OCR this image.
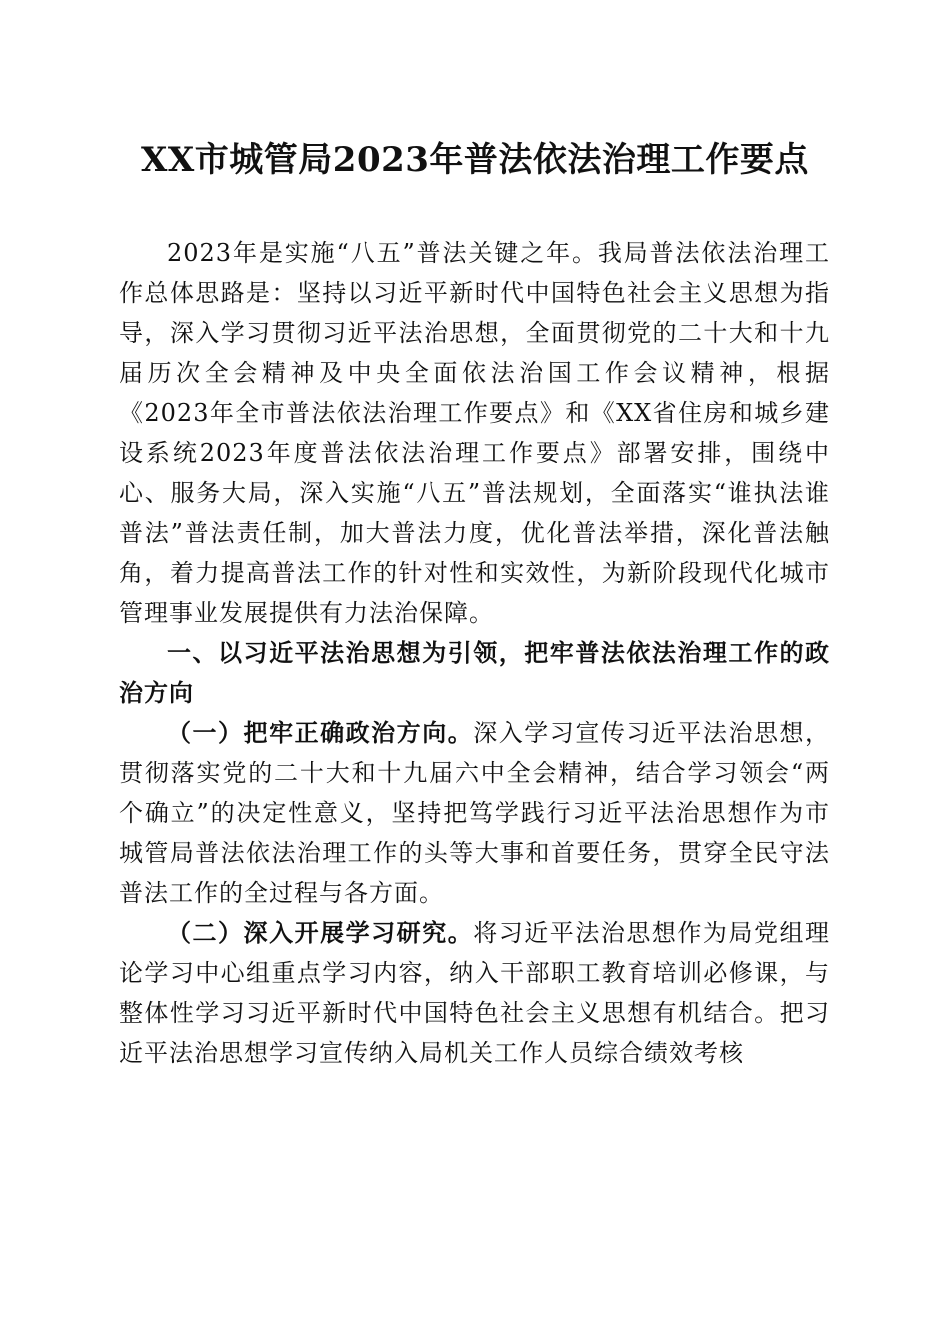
XX市城管局2023年普法依法治理工作要点

2023年是实施“八五”普法关键之年。我局普法依法治理工作总体思路是：坚持以习近平新时代中国特色社会主义思想为指导，深入学习贯彻习近平法治思想，全面贯彻党的二十大和十九届历次全会精神及中央全面依法治国工作会议精神，根据《2023年全市普法依法治理工作要点》和《XX省住房和城乡建设系统2023年度普法依法治理工作要点》部署安排，围绕中心、服务大局，深入实施“八五”普法规划，全面落实“谁执法谁普法”普法责任制，加大普法力度，优化普法举措，深化普法触角，着力提高普法工作的针对性和实效性，为新阶段现代化城市管理事业发展提供有力法治保障。

一、以习近平法治思想为引领，把牢普法依法治理工作的政治方向

（一）把牢正确政治方向。深入学习宣传习近平法治思想，贯彻落实党的二十大和十九届六中全会精神，结合学习领会“两个确立”的决定性意义，坚持把笃学践行习近平法治思想作为市城管局普法依法治理工作的头等大事和首要任务，贯穿全民守法普法工作的全过程与各方面。

（二）深入开展学习研究。将习近平法治思想作为局党组理论学习中心组重点学习内容，纳入干部职工教育培训必修课，与整体性学习习近平新时代中国特色社会主义思想有机结合。把习近平法治思想学习宣传纳入局机关工作人员综合绩效考核
